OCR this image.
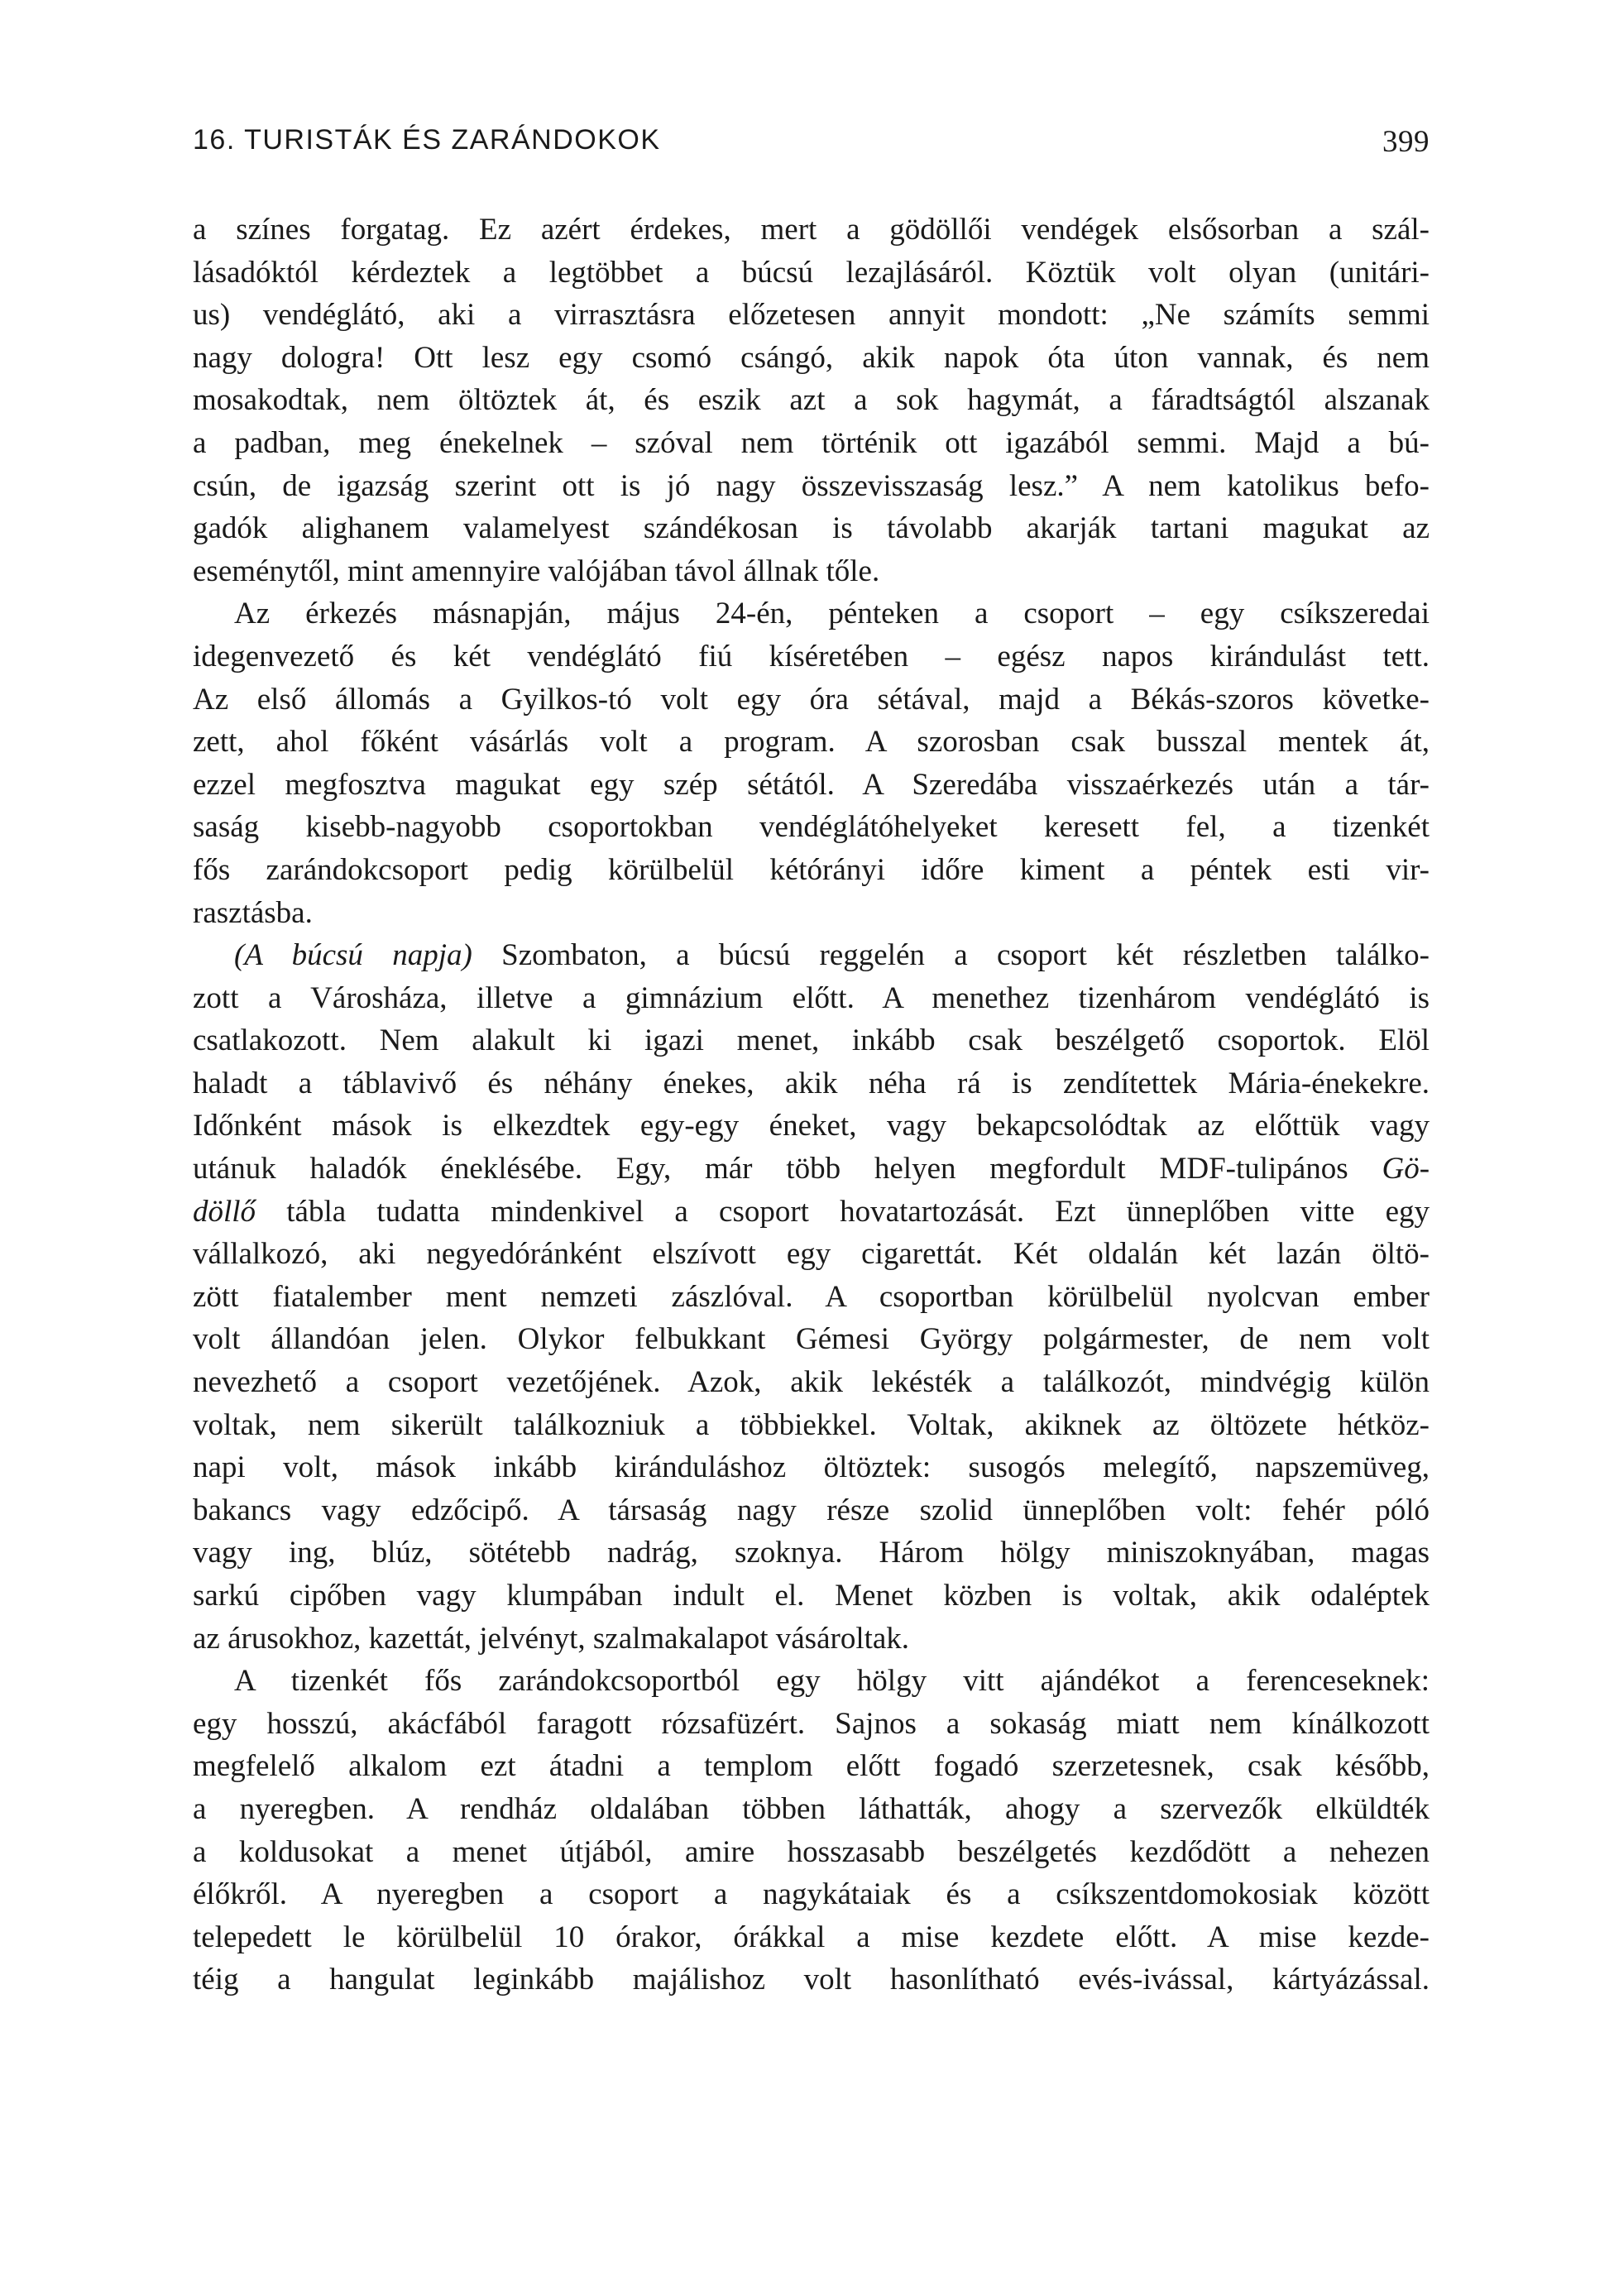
16. TURISTÁK ÉS ZARÁNDOKOK	399
a színes forgatag. Ez azért érdekes, mert a gödöllői vendégek elsősorban a szál-
lásadóktól kérdeztek a legtöbbet a búcsú lezajlásáról. Köztük volt olyan (unitári-
us) vendéglátó, aki a virrasztásra előzetesen annyit mondott: „Ne számíts semmi
nagy dologra! Ott lesz egy csomó csángó, akik napok óta úton vannak, és nem
mosakodtak, nem öltöztek át, és eszik azt a sok hagymát, a fáradtságtól alszanak
a padban, meg énekelnek – szóval nem történik ott igazából semmi. Majd a bú-
csún, de igazság szerint ott is jó nagy összevisszaság lesz.” A nem katolikus befo-
gadók alighanem valamelyest szándékosan is távolabb akarják tartani magukat az
eseménytől, mint amennyire valójában távol állnak tőle.
Az érkezés másnapján, május 24-én, pénteken a csoport – egy csíkszeredai
idegenvezető és két vendéglátó fiú kíséretében – egész napos kirándulást tett.
Az első állomás a Gyilkos-tó volt egy óra sétával, majd a Békás-szoros követke-
zett, ahol főként vásárlás volt a program. A szorosban csak busszal mentek át,
ezzel megfosztva magukat egy szép sétától. A Szeredába visszaérkezés után a tár-
saság kisebb-nagyobb csoportokban vendéglátóhelyeket keresett fel, a tizenkét
fős zarándokcsoport pedig körülbelül kétórányi időre kiment a péntek esti vir-
rasztásba.
(A búcsú napja) Szombaton, a búcsú reggelén a csoport két részletben találko-
zott a Városháza, illetve a gimnázium előtt. A menethez tizenhárom vendéglátó is
csatlakozott. Nem alakult ki igazi menet, inkább csak beszélgető csoportok. Elöl
haladt a táblavivő és néhány énekes, akik néha rá is zendítettek Mária-énekekre.
Időnként mások is elkezdtek egy-egy éneket, vagy bekapcsolódtak az előttük vagy
utánuk haladók éneklésébe. Egy, már több helyen megfordult MDF-tulipános Gö-
döllő tábla tudatta mindenkivel a csoport hovatartozását. Ezt ünneplőben vitte egy
vállalkozó, aki negyedóránként elszívott egy cigarettát. Két oldalán két lazán öltö-
zött fiatalember ment nemzeti zászlóval. A csoportban körülbelül nyolcvan ember
volt állandóan jelen. Olykor felbukkant Gémesi György polgármester, de nem volt
nevezhető a csoport vezetőjének. Azok, akik lekésték a találkozót, mindvégig külön
voltak, nem sikerült találkozniuk a többiekkel. Voltak, akiknek az öltözete hétköz-
napi volt, mások inkább kiránduláshoz öltöztek: susogós melegítő, napszemüveg,
bakancs vagy edzőcipő. A társaság nagy része szolid ünneplőben volt: fehér póló
vagy ing, blúz, sötétebb nadrág, szoknya. Három hölgy miniszoknyában, magas
sarkú cipőben vagy klumpában indult el. Menet közben is voltak, akik odaléptek
az árusokhoz, kazettát, jelvényt, szalmakalapot vásároltak.
A tizenkét fős zarándokcsoportból egy hölgy vitt ajándékot a ferenceseknek:
egy hosszú, akácfából faragott rózsafüzért. Sajnos a sokaság miatt nem kínálkozott
megfelelő alkalom ezt átadni a templom előtt fogadó szerzetesnek, csak később,
a nyeregben. A rendház oldalában többen láthatták, ahogy a szervezők elküldték
a koldusokat a menet útjából, amire hosszasabb beszélgetés kezdődött a nehezen
élőkről. A nyeregben a csoport a nagykátaiak és a csíkszentdomokosiak között
telepedett le körülbelül 10 órakor, órákkal a mise kezdete előtt. A mise kezde-
téig a hangulat leginkább majálishoz volt hasonlítható evés-ivással, kártyázással.
